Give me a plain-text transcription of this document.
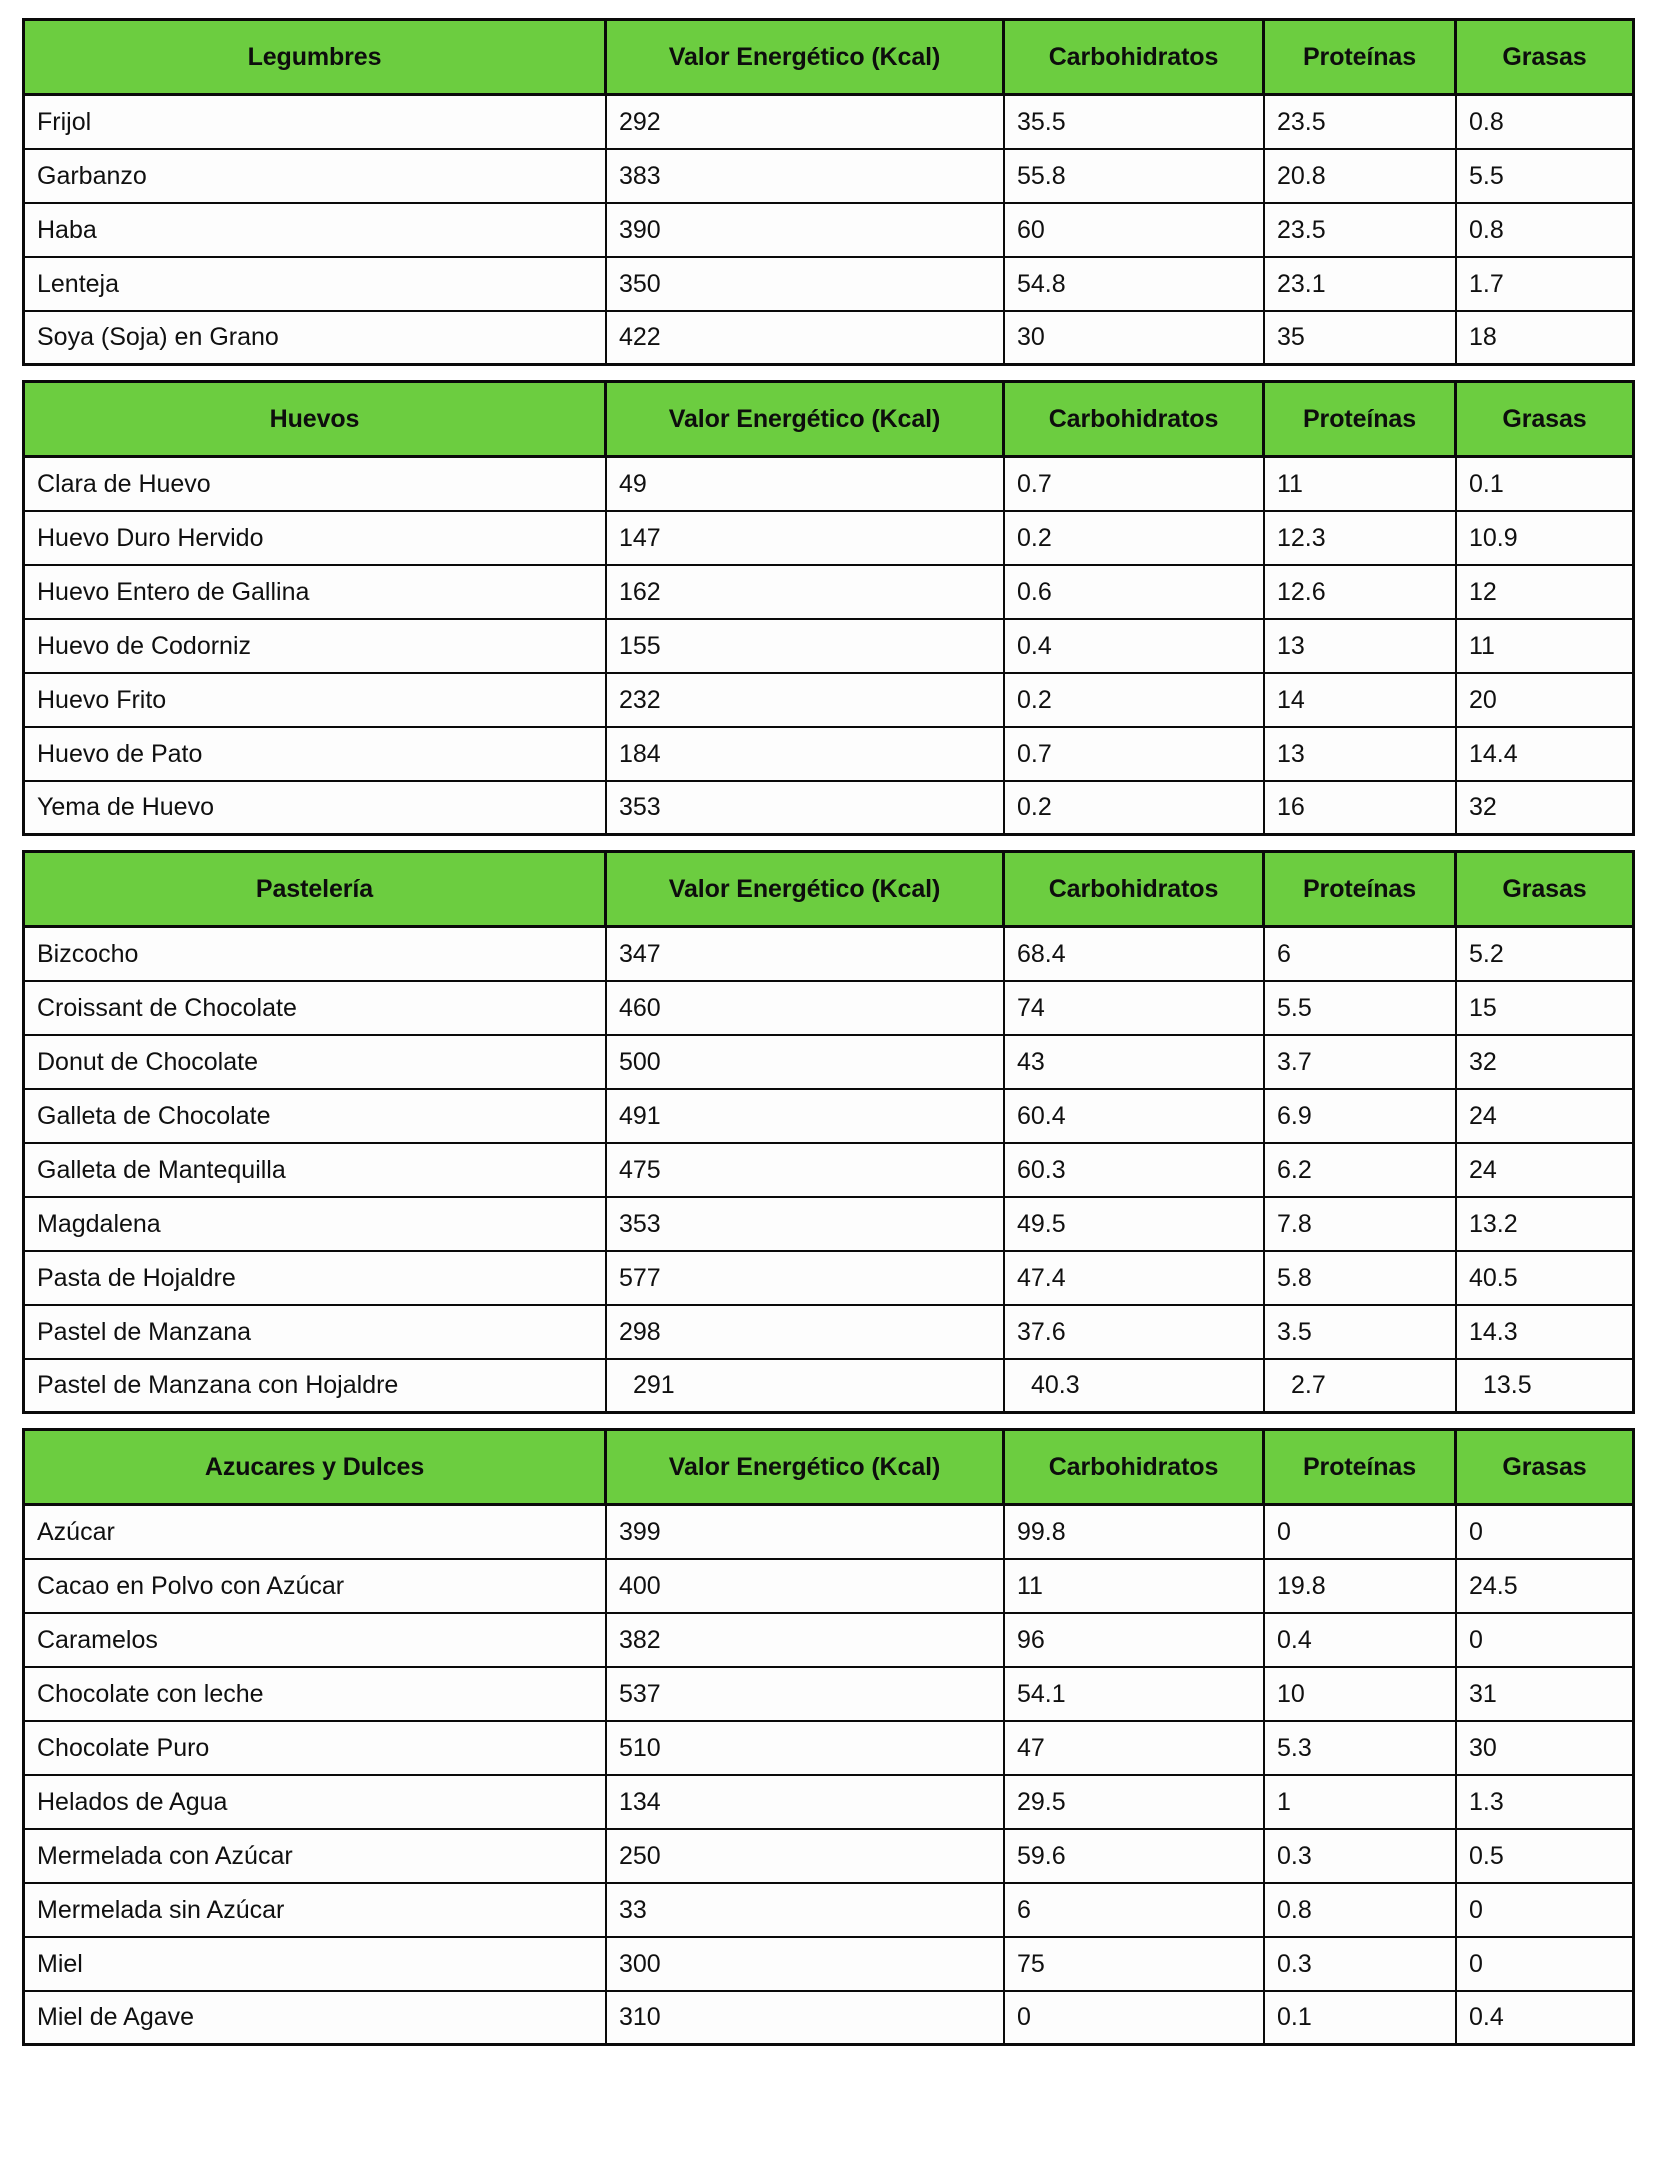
Legumbres	Valor Energético (Kcal)	Carbohidratos	Proteínas	Grasas
Frijol	292	35.5	23.5	0.8
Garbanzo	383	55.8	20.8	5.5
Haba	390	60	23.5	0.8
Lenteja	350	54.8	23.1	1.7
Soya (Soja) en Grano	422	30	35	18

Huevos	Valor Energético (Kcal)	Carbohidratos	Proteínas	Grasas
Clara de Huevo	49	0.7	11	0.1
Huevo Duro Hervido	147	0.2	12.3	10.9
Huevo Entero de Gallina	162	0.6	12.6	12
Huevo de Codorniz	155	0.4	13	11
Huevo Frito	232	0.2	14	20
Huevo de Pato	184	0.7	13	14.4
Yema de Huevo	353	0.2	16	32

Pastelería	Valor Energético (Kcal)	Carbohidratos	Proteínas	Grasas
Bizcocho	347	68.4	6	5.2
Croissant de Chocolate	460	74	5.5	15
Donut de Chocolate	500	43	3.7	32
Galleta de Chocolate	491	60.4	6.9	24
Galleta de Mantequilla	475	60.3	6.2	24
Magdalena	353	49.5	7.8	13.2
Pasta de Hojaldre	577	47.4	5.8	40.5
Pastel de Manzana	298	37.6	3.5	14.3
Pastel de Manzana con Hojaldre	291	40.3	2.7	13.5

Azucares y Dulces	Valor Energético (Kcal)	Carbohidratos	Proteínas	Grasas
Azúcar	399	99.8	0	0
Cacao en Polvo con Azúcar	400	11	19.8	24.5
Caramelos	382	96	0.4	0
Chocolate con leche	537	54.1	10	31
Chocolate Puro	510	47	5.3	30
Helados de Agua	134	29.5	1	1.3
Mermelada con Azúcar	250	59.6	0.3	0.5
Mermelada sin Azúcar	33	6	0.8	0
Miel	300	75	0.3	0
Miel de Agave	310	0	0.1	0.4
